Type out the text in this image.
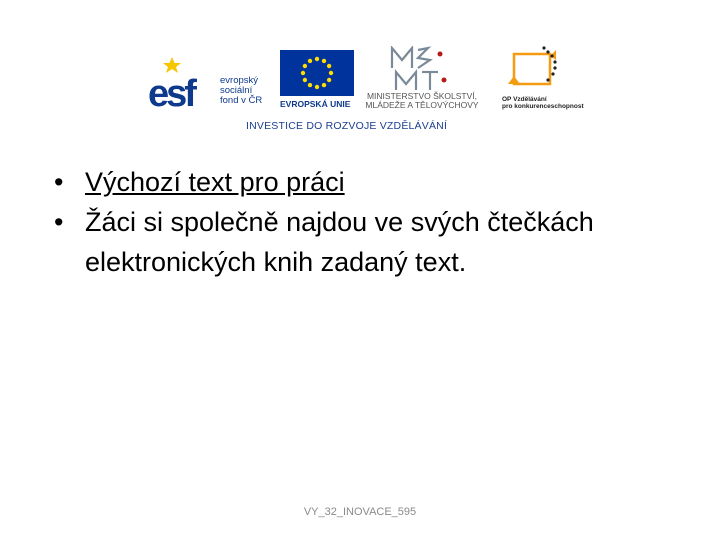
esf	evropský
sociální
fond v ČR EVROPSKÁ UNIE
MINISTERSTVO ŠKOLSTVÍ,
MLÁDEŽE A TĚLOVÝCHOVY
OP Vzdělávání
pro konkurenceschopnost
INVESTICE DO ROZVOJE VZDĚLÁVÁNÍ
• Výchozí text pro práci
• Žáci si společně najdou ve svých čtečkách elektronických knih zadaný text.
VY_32_INOVACE_595
